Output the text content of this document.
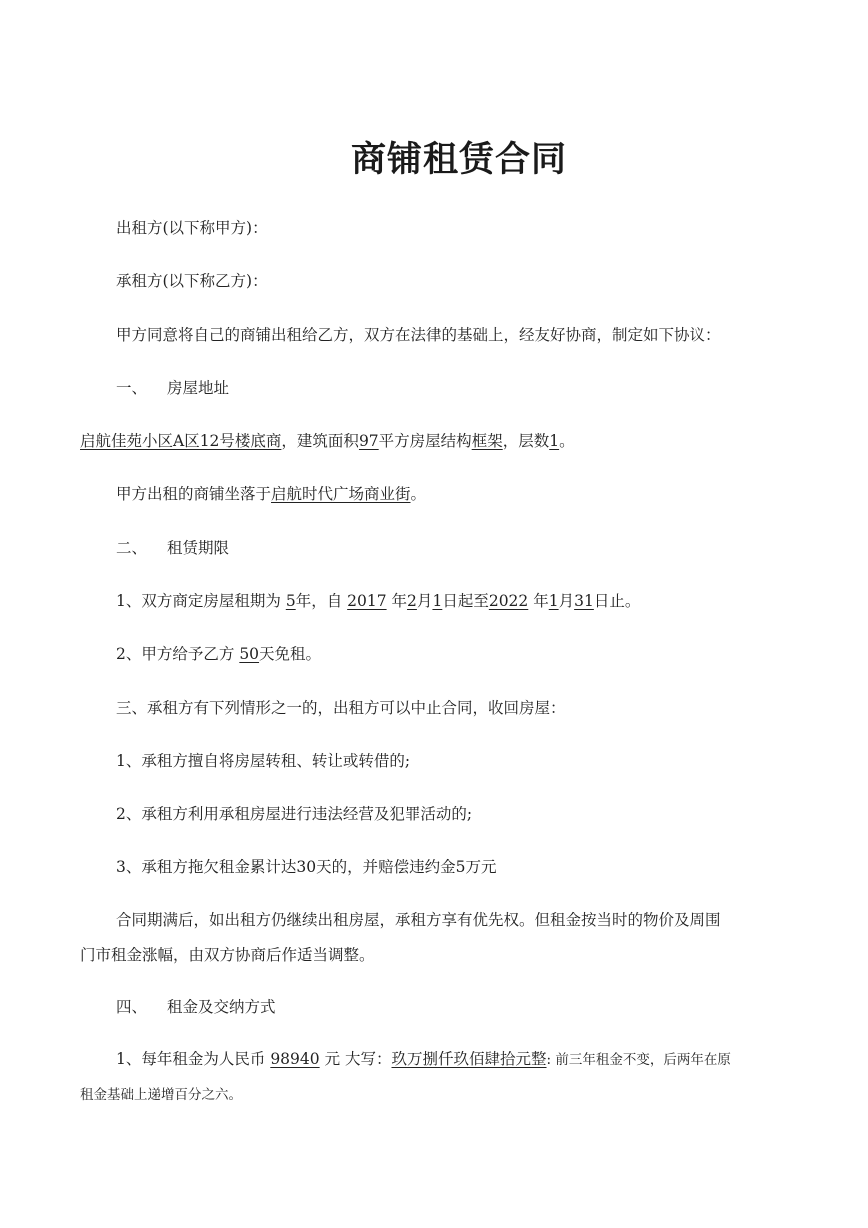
商铺租赁合同
出租方(以下称甲方)：
承租方(以下称乙方)：
甲方同意将自己的商铺出租给乙方，双方在法律的基础上，经友好协商，制定如下协议：
一、 房屋地址
启航佳苑小区A区12号楼底商，建筑面积97平方房屋结构框架，层数1。
甲方出租的商铺坐落于启航时代广场商业街。
二、 租赁期限
1、双方商定房屋租期为 5年，自 2017 年2月1日起至2022 年1月31日止。
2、甲方给予乙方 50天免租。
三、承租方有下列情形之一的，出租方可以中止合同，收回房屋：
1、承租方擅自将房屋转租、转让或转借的;
2、承租方利用承租房屋进行违法经营及犯罪活动的;
3、承租方拖欠租金累计达30天的，并赔偿违约金5万元
合同期满后，如出租方仍继续出租房屋，承租方享有优先权。但租金按当时的物价及周围
门市租金涨幅，由双方协商后作适当调整。
四、 租金及交纳方式
1、每年租金为人民币 98940 元 大写：玖万捌仟玖佰肆拾元整: 前三年租金不变，后两年在原
租金基础上递增百分之六。
